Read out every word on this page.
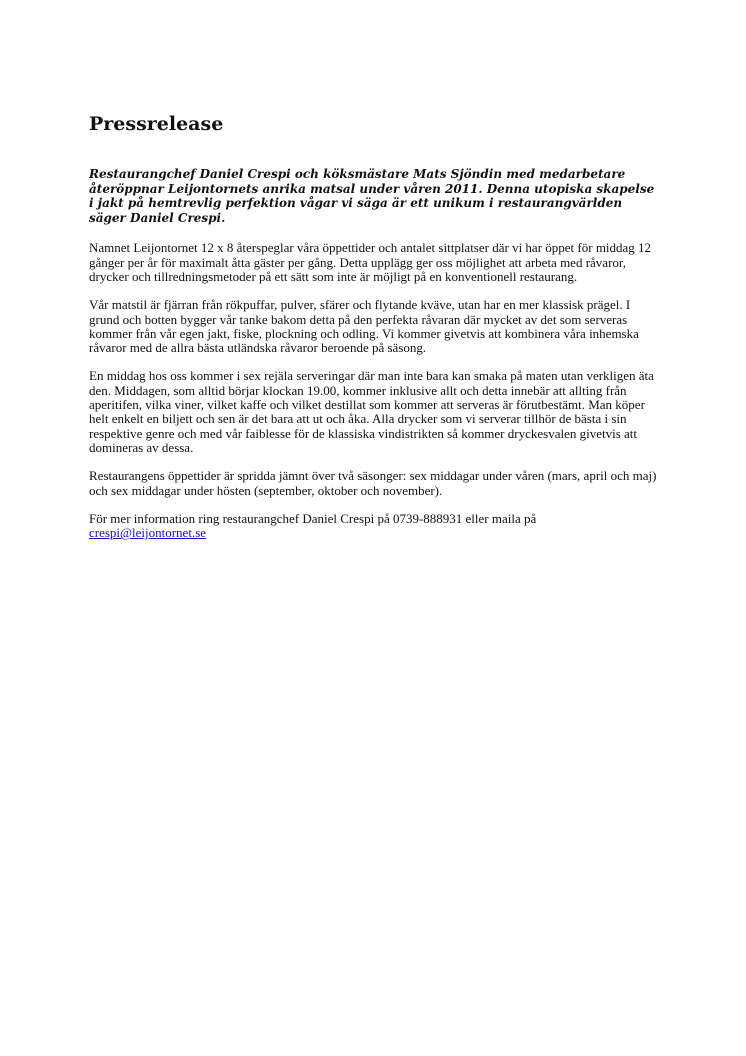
Pressrelease

Restaurangchef Daniel Crespi och köksmästare Mats Sjöndin med medarbetare återöppnar Leijontornets anrika matsal under våren 2011. Denna utopiska skapelse i jakt på hemtrevlig perfektion vågar vi säga är ett unikum i restaurangvärlden säger Daniel Crespi.

Namnet Leijontornet 12 x 8 återspeglar våra öppettider och antalet sittplatser där vi har öppet för middag 12 gånger per år för maximalt åtta gäster per gång. Detta upplägg ger oss möjlighet att arbeta med råvaror, drycker och tillredningsmetoder på ett sätt som inte är möjligt på en konventionell restaurang.

Vår matstil är fjärran från rökpuffar, pulver, sfärer och flytande kväve, utan har en mer klassisk prägel. I grund och botten bygger vår tanke bakom detta på den perfekta råvaran där mycket av det som serveras kommer från vår egen jakt, fiske, plockning och odling. Vi kommer givetvis att kombinera våra inhemska råvaror med de allra bästa utländska råvaror beroende på säsong.

En middag hos oss kommer i sex rejäla serveringar där man inte bara kan smaka på maten utan verkligen äta den. Middagen, som alltid börjar klockan 19.00, kommer inklusive allt och detta innebär att allting från aperitifen, vilka viner, vilket kaffe och vilket destillat som kommer att serveras är förutbestämt. Man köper helt enkelt en biljett och sen är det bara att ut och åka. Alla drycker som vi serverar tillhör de bästa i sin respektive genre och med vår faiblesse för de klassiska vindistrikten så kommer dryckesvalen givetvis att domineras av dessa.

Restaurangens öppettider är spridda jämnt över två säsonger: sex middagar under våren (mars, april och maj) och sex middagar under hösten (september, oktober och november).

För mer information ring restaurangchef Daniel Crespi på 0739-888931 eller maila på
crespi@leijontornet.se
